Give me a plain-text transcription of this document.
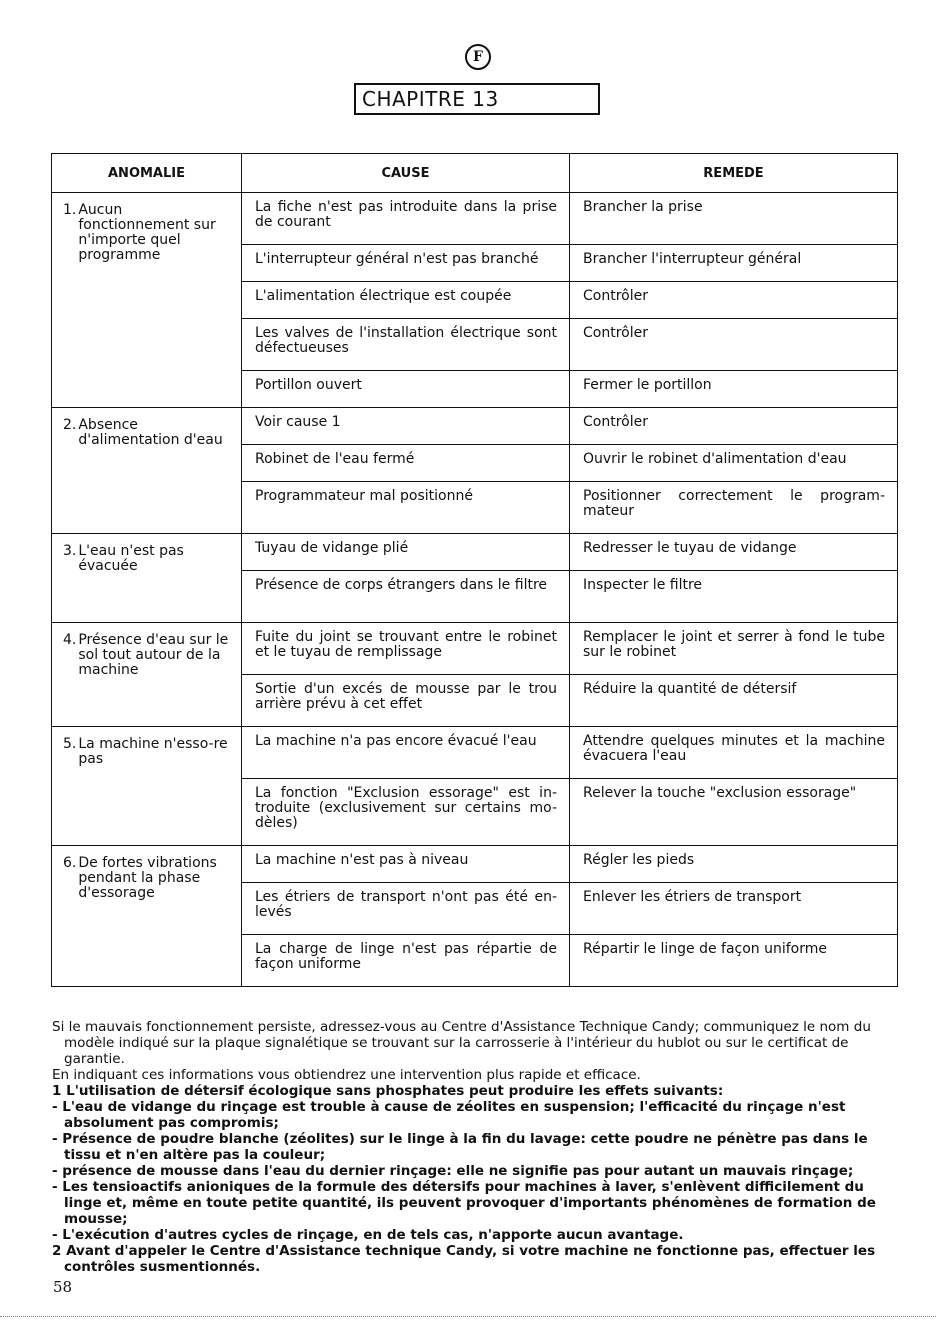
F
CHAPITRE 13
ANOMALIE	CAUSE	REMEDE

1. Aucun fonctionnement sur n'importe quel programme	La fiche n'est pas introduite dans la prise de courant	Brancher la prise
	L'interrupteur général n'est pas branché	Brancher l'interrupteur général
	L'alimentation électrique est coupée	Contrôler
	Les valves de l'installation électrique sont défectueuses	Contrôler
	Portillon ouvert	Fermer le portillon

2. Absence d'alimentation d'eau	Voir cause 1	Contrôler
	Robinet de l'eau fermé	Ouvrir le robinet d'alimentation d'eau
	Programmateur mal positionné	Positionner correctement le program-mateur

3. L'eau n'est pas évacuée	Tuyau de vidange plié	Redresser le tuyau de vidange
	Présence de corps étrangers dans le filtre	Inspecter le filtre

4. Présence d'eau sur le sol tout autour de la machine	Fuite du joint se trouvant entre le robinet et le tuyau de remplissage	Remplacer le joint et serrer à fond le tube sur le robinet
	Sortie d'un excés de mousse par le trou arrière prévu à cet effet	Réduire la quantité de détersif

5. La machine n'esso-re pas	La machine n'a pas encore évacué l'eau	Attendre quelques minutes et la machine évacuera l'eau
	La fonction "Exclusion essorage" est in-troduite (exclusivement sur certains mo-dèles)	Relever la touche "exclusion essorage"

6. De fortes vibrations pendant la phase d'essorage	La machine n'est pas à niveau	Régler les pieds
	Les étriers de transport n'ont pas été en-levés	Enlever les étriers de transport
	La charge de linge n'est pas répartie de façon uniforme	Répartir le linge de façon uniforme

Si le mauvais fonctionnement persiste, adressez-vous au Centre d'Assistance Technique Candy; communiquez le nom du modèle indiqué sur la plaque signalétique se trouvant sur la carrosserie à l'intérieur du hublot ou sur le certificat de garantie.

En indiquant ces informations vous obtiendrez une intervention plus rapide et efficace.

1 L'utilisation de détersif écologique sans phosphates peut produire les effets suivants:

- L'eau de vidange du rinçage est trouble à cause de zéolites en suspension; l'efficacité du rinçage n'est absolument pas compromis;

- Présence de poudre blanche (zéolites) sur le linge à la fin du lavage: cette poudre ne pénètre pas dans le tissu et n'en altère pas la couleur;

- présence de mousse dans l'eau du dernier rinçage: elle ne signifie pas pour autant un mauvais rinçage;

- Les tensioactifs anioniques de la formule des détersifs pour machines à laver, s'enlèvent difficilement du linge et, même en toute petite quantité, ils peuvent provoquer d'importants phénomènes de formation de mousse;

- L'exécution d'autres cycles de rinçage, en de tels cas, n'apporte aucun avantage.

2 Avant d'appeler le Centre d'Assistance technique Candy, si votre machine ne fonctionne pas, effectuer les contrôles susmentionnés.

58
